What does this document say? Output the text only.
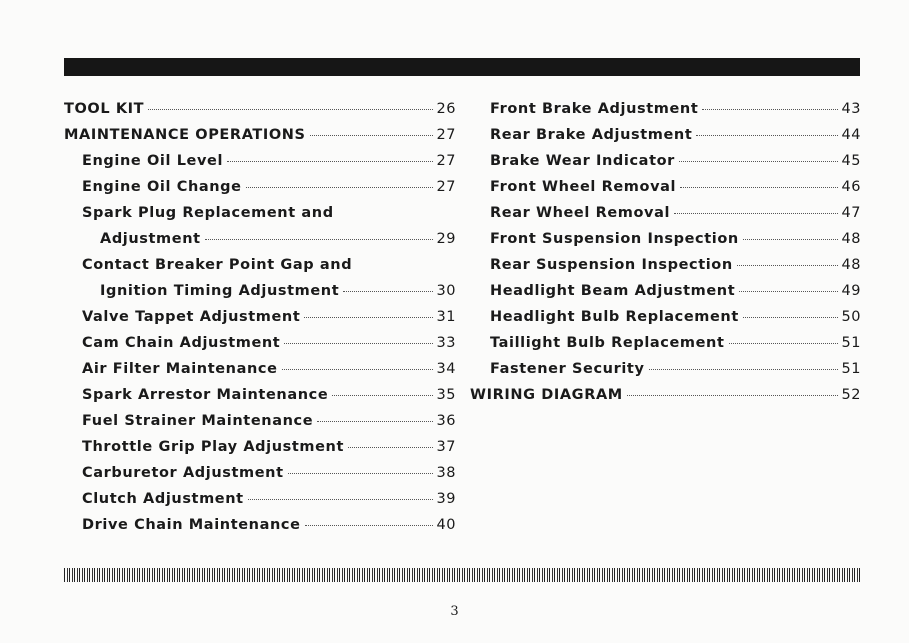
TOOL KIT	26
MAINTENANCE OPERATIONS	27
Engine Oil Level	27
Engine Oil Change	27
Spark Plug Replacement and
Adjustment	29
Contact Breaker Point Gap and
Ignition Timing Adjustment	30
Valve Tappet Adjustment	31
Cam Chain Adjustment	33
Air Filter Maintenance	34
Spark Arrestor Maintenance	35
Fuel Strainer Maintenance	36
Throttle Grip Play Adjustment	37
Carburetor Adjustment	38
Clutch Adjustment	39
Drive Chain Maintenance	40
Front Brake Adjustment	43
Rear Brake Adjustment	44
Brake Wear Indicator	45
Front Wheel Removal	46
Rear Wheel Removal	47
Front Suspension Inspection	48
Rear Suspension Inspection	48
Headlight Beam Adjustment	49
Headlight Bulb Replacement	50
Taillight Bulb Replacement	51
Fastener Security	51
WIRING DIAGRAM	52
3
